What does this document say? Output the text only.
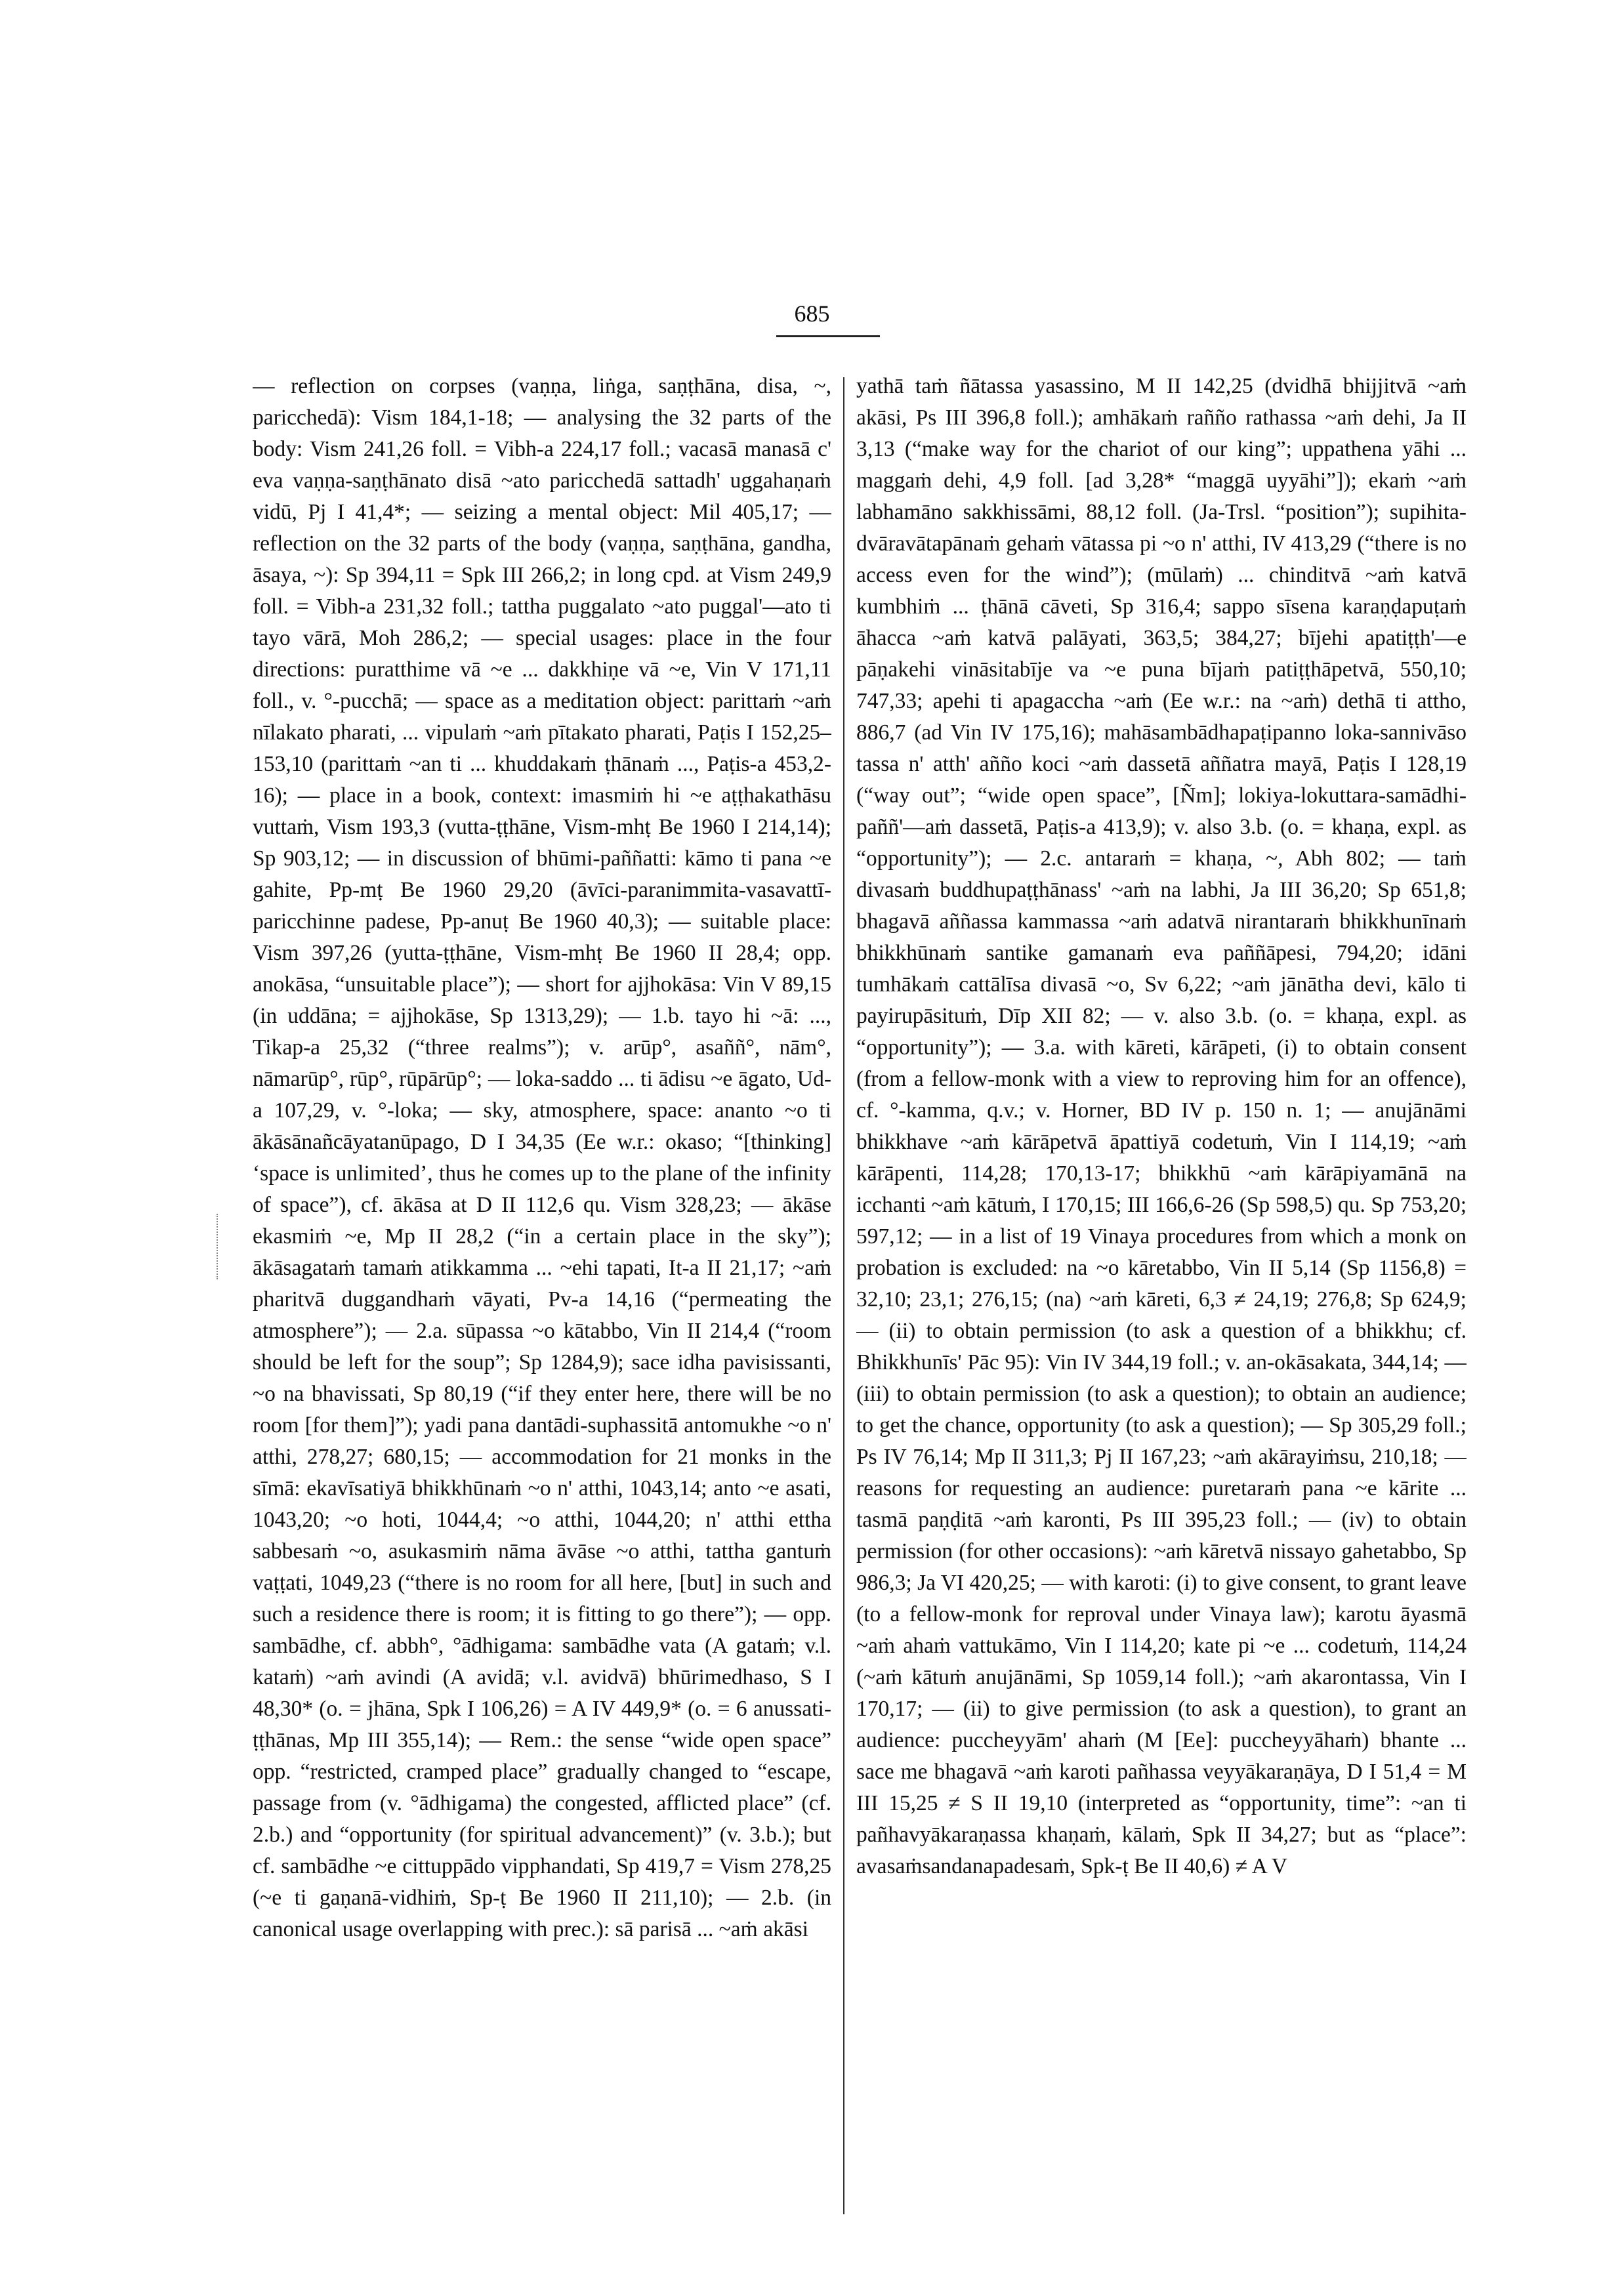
685
— reflection on corpses (vaṇṇa, liṅga, saṇṭhāna, disa, ~, paricchedā): Vism 184,1-18; — analysing the 32 parts of the body: Vism 241,26 foll. = Vibh-a 224,17 foll.; vacasā manasā c' eva vaṇṇa-saṇṭhānato disā ~ato paricchedā sattadh' uggahaṇaṁ vidū, Pj I 41,4*; — seizing a mental object: Mil 405,17; — reflection on the 32 parts of the body (vaṇṇa, saṇṭhāna, gandha, āsaya, ~): Sp 394,11 = Spk III 266,2; in long cpd. at Vism 249,9 foll. = Vibh-a 231,32 foll.; tattha puggalato ~ato puggal'—ato ti tayo vārā, Moh 286,2; — special usages: place in the four directions: puratthime vā ~e ... dakkhiṇe vā ~e, Vin V 171,11 foll., v. °-pucchā; — space as a meditation object: parittaṁ ~aṁ nīlakato pharati, ... vipulaṁ ~aṁ pītakato pharati, Paṭis I 152,25–153,10 (parittaṁ ~an ti ... khuddakaṁ ṭhānaṁ ..., Paṭis-a 453,2-16); — place in a book, context: imasmiṁ hi ~e aṭṭhakathāsu vuttaṁ, Vism 193,3 (vutta-ṭṭhāne, Vism-mhṭ Be 1960 I 214,14); Sp 903,12; — in discussion of bhūmi-paññatti: kāmo ti pana ~e gahite, Pp-mṭ Be 1960 29,20 (āvīci-paranimmita-vasavattī-paricchinne padese, Pp-anuṭ Be 1960 40,3); — suitable place: Vism 397,26 (yutta-ṭṭhāne, Vism-mhṭ Be 1960 II 28,4; opp. anokāsa, “unsuitable place”); — short for ajjhokāsa: Vin V 89,15 (in uddāna; = ajjhokāse, Sp 1313,29); — 1.b. tayo hi ~ā: ..., Tikap-a 25,32 (“three realms”); v. arūp°, asaññ°, nām°, nāmarūp°, rūp°, rūpārūp°; — loka-saddo ... ti ādisu ~e āgato, Ud-a 107,29, v. °-loka; — sky, atmosphere, space: ananto ~o ti ākāsānañcāyatanūpago, D I 34,35 (Ee w.r.: okaso; “[thinking] ‘space is unlimited’, thus he comes up to the plane of the infinity of space”), cf. ākāsa at D II 112,6 qu. Vism 328,23; — ākāse ekasmiṁ ~e, Mp II 28,2 (“in a certain place in the sky”); ākāsagataṁ tamaṁ atikkamma ... ~ehi tapati, It-a II 21,17; ~aṁ pharitvā duggandhaṁ vāyati, Pv-a 14,16 (“permeating the atmosphere”); — 2.a. sūpassa ~o kātabbo, Vin II 214,4 (“room should be left for the soup”; Sp 1284,9); sace idha pavisissanti, ~o na bhavissati, Sp 80,19 (“if they enter here, there will be no room [for them]”); yadi pana dantādi-suphassitā antomukhe ~o n' atthi, 278,27; 680,15; — accommodation for 21 monks in the sīmā: ekavīsatiyā bhikkhūnaṁ ~o n' atthi, 1043,14; anto ~e asati, 1043,20; ~o hoti, 1044,4; ~o atthi, 1044,20; n' atthi ettha sabbesaṁ ~o, asukasmiṁ nāma āvāse ~o atthi, tattha gantuṁ vaṭṭati, 1049,23 (“there is no room for all here, [but] in such and such a residence there is room; it is fitting to go there”); — opp. sambādhe, cf. abbh°, °ādhigama: sambādhe vata (A gataṁ; v.l. kataṁ) ~aṁ avindi (A avidā; v.l. avidvā) bhūrimedhaso, S I 48,30* (o. = jhāna, Spk I 106,26) = A IV 449,9* (o. = 6 anussati-ṭṭhānas, Mp III 355,14); — Rem.: the sense “wide open space” opp. “restricted, cramped place” gradually changed to “escape, passage from (v. °ādhigama) the congested, afflicted place” (cf. 2.b.) and “opportunity (for spiritual advancement)” (v. 3.b.); but cf. sambādhe ~e cittuppādo vipphandati, Sp 419,7 = Vism 278,25 (~e ti gaṇanā-vidhiṁ, Sp-ṭ Be 1960 II 211,10); — 2.b. (in canonical usage overlapping with prec.): sā parisā ... ~aṁ akāsi
yathā taṁ ñātassa yasassino, M II 142,25 (dvidhā bhijjitvā ~aṁ akāsi, Ps III 396,8 foll.); amhākaṁ rañño rathassa ~aṁ dehi, Ja II 3,13 (“make way for the chariot of our king”; uppathena yāhi ... maggaṁ dehi, 4,9 foll. [ad 3,28* “maggā uyyāhi”]); ekaṁ ~aṁ labhamāno sakkhissāmi, 88,12 foll. (Ja-Trsl. “position”); supihita-dvāravātapānaṁ gehaṁ vātassa pi ~o n' atthi, IV 413,29 (“there is no access even for the wind”); (mūlaṁ) ... chinditvā ~aṁ katvā kumbhiṁ ... ṭhānā cāveti, Sp 316,4; sappo sīsena karaṇḍapuṭaṁ āhacca ~aṁ katvā palāyati, 363,5; 384,27; bījehi apatiṭṭh'—e pāṇakehi vināsitabīje va ~e puna bījaṁ patiṭṭhāpetvā, 550,10; 747,33; apehi ti apagaccha ~aṁ (Ee w.r.: na ~aṁ) dethā ti attho, 886,7 (ad Vin IV 175,16); mahāsambādhapaṭipanno loka-sannivāso tassa n' atth' añño koci ~aṁ dassetā aññatra mayā, Paṭis I 128,19 (“way out”; “wide open space”, [Ñm]; lokiya-lokuttara-samādhi-paññ'—aṁ dassetā, Paṭis-a 413,9); v. also 3.b. (o. = khaṇa, expl. as “opportunity”); — 2.c. antaraṁ = khaṇa, ~, Abh 802; — taṁ divasaṁ buddhupaṭṭhānass' ~aṁ na labhi, Ja III 36,20; Sp 651,8; bhagavā aññassa kammassa ~aṁ adatvā nirantaraṁ bhikkhunīnaṁ bhikkhūnaṁ santike gamanaṁ eva paññāpesi, 794,20; idāni tumhākaṁ cattālīsa divasā ~o, Sv 6,22; ~aṁ jānātha devi, kālo ti payirupāsituṁ, Dīp XII 82; — v. also 3.b. (o. = khaṇa, expl. as “opportunity”); — 3.a. with kāreti, kārāpeti, (i) to obtain consent (from a fellow-monk with a view to reproving him for an offence), cf. °-kamma, q.v.; v. Horner, BD IV p. 150 n. 1; — anujānāmi bhikkhave ~aṁ kārāpetvā āpattiyā codetuṁ, Vin I 114,19; ~aṁ kārāpenti, 114,28; 170,13-17; bhikkhū ~aṁ kārāpiyamānā na icchanti ~aṁ kātuṁ, I 170,15; III 166,6-26 (Sp 598,5) qu. Sp 753,20; 597,12; — in a list of 19 Vinaya procedures from which a monk on probation is excluded: na ~o kāretabbo, Vin II 5,14 (Sp 1156,8) = 32,10; 23,1; 276,15; (na) ~aṁ kāreti, 6,3 ≠ 24,19; 276,8; Sp 624,9; — (ii) to obtain permission (to ask a question of a bhikkhu; cf. Bhikkhunīs' Pāc 95): Vin IV 344,19 foll.; v. an-okāsakata, 344,14; — (iii) to obtain permission (to ask a question); to obtain an audience; to get the chance, opportunity (to ask a question); — Sp 305,29 foll.; Ps IV 76,14; Mp II 311,3; Pj II 167,23; ~aṁ akārayiṁsu, 210,18; — reasons for requesting an audience: puretaraṁ pana ~e kārite ... tasmā paṇḍitā ~aṁ karonti, Ps III 395,23 foll.; — (iv) to obtain permission (for other occasions): ~aṁ kāretvā nissayo gahetabbo, Sp 986,3; Ja VI 420,25; — with karoti: (i) to give consent, to grant leave (to a fellow-monk for reproval under Vinaya law); karotu āyasmā ~aṁ ahaṁ vattukāmo, Vin I 114,20; kate pi ~e ... codetuṁ, 114,24 (~aṁ kātuṁ anujānāmi, Sp 1059,14 foll.); ~aṁ akarontassa, Vin I 170,17; — (ii) to give permission (to ask a question), to grant an audience: puccheyyām' ahaṁ (M [Ee]: puccheyyāhaṁ) bhante ... sace me bhagavā ~aṁ karoti pañhassa veyyākaraṇāya, D I 51,4 = M III 15,25 ≠ S II 19,10 (interpreted as “opportunity, time”: ~an ti pañhavyākaraṇassa khaṇaṁ, kālaṁ, Spk II 34,27; but as “place”: avasaṁsandanapadesaṁ, Spk-ṭ Be II 40,6) ≠ A V
